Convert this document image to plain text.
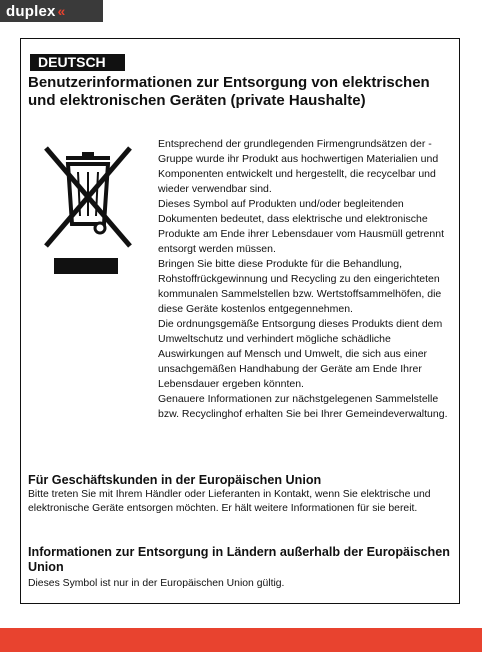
duplex «
DEUTSCH
Benutzerinformationen zur Entsorgung von elektrischen und elektronischen Geräten (private Haushalte)

Entsprechend der grundlegenden Firmengrundsätzen der -Gruppe wurde ihr Produkt aus hochwertigen Materialien und Komponenten entwickelt und hergestellt, die recycelbar und wieder verwendbar sind.

Dieses Symbol auf Produkten und/oder begleitenden Dokumenten bedeutet, dass elektrische und elektronische Produkte am Ende ihrer Lebensdauer vom Hausmüll getrennt entsorgt werden müssen.

Bringen Sie bitte diese Produkte für die Behandlung, Rohstoffrückgewinnung und Recycling zu den eingerichteten kommunalen Sammelstellen bzw. Wertstoffsammelhöfen, die diese Geräte kostenlos entgegennehmen.

Die ordnungsgemäße Entsorgung dieses Produkts dient dem Umweltschutz und verhindert mögliche schädliche Auswirkungen auf Mensch und Umwelt, die sich aus einer unsachgemäßen Handhabung der Geräte am Ende Ihrer Lebensdauer ergeben könnten.

Genauere Informationen zur nächstgelegenen Sammelstelle bzw. Recyclinghof erhalten Sie bei Ihrer Gemeindeverwaltung.

Für Geschäftskunden in der Europäischen Union

Bitte treten Sie mit Ihrem Händler oder Lieferanten in Kontakt, wenn Sie elektrische und elektronische Geräte entsorgen möchten. Er hält weitere Informationen für sie bereit.

Informationen zur Entsorgung in Ländern außerhalb der Europäischen Union

Dieses Symbol ist nur in der Europäischen Union gültig.
